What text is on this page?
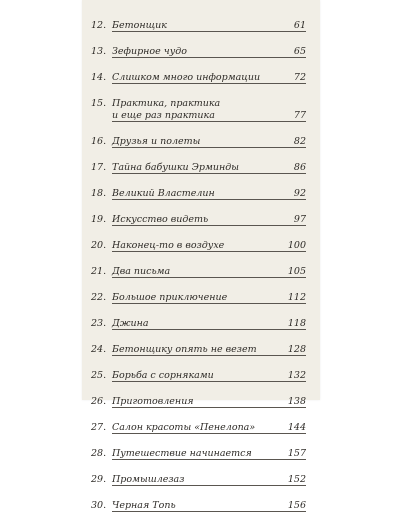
12. Бетонщик	61
13. Зефирное чудо	65
14. Слишком много информации	72
15. Практика, практика
и еще раз практика	77
16. Друзья и полеты	82
17. Тайна бабушки Эрминды	86
18. Великий Властелин	92
19. Искусство видеть	97
20. Наконец-то в воздухе	100
21. Два письма	105
22. Большое приключение	112
23. Джина	118
24. Бетонщику опять не везет	128
25. Борьба с сорняками	132
26. Приготовления	138
27. Салон красоты «Пенелопа»	144
28. Путешествие начинается	157
29. Промышлезаз	152
30. Черная Топь	156
